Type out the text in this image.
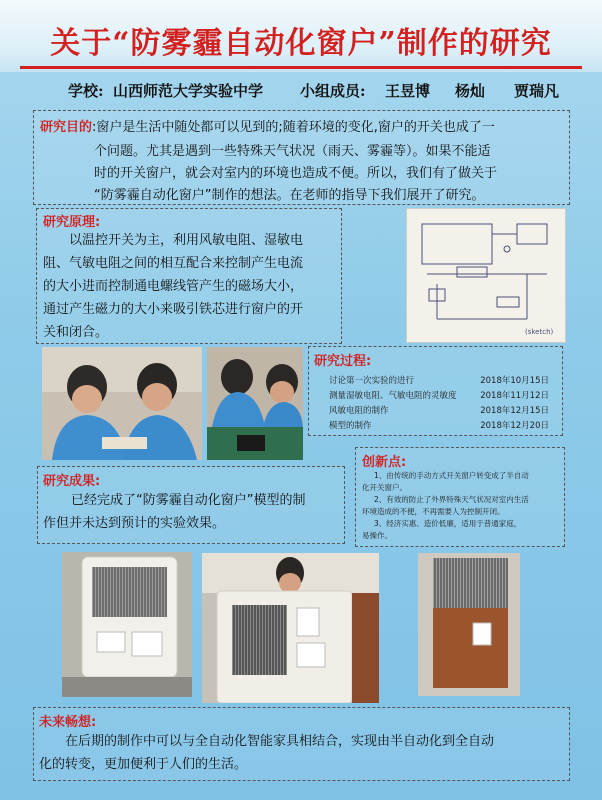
关于“防雾霾自动化窗户”制作的研究
学校: 山西师范大学实验中学 小组成员: 王昱博 杨灿 贾瑞凡
研究目的:窗户是生活中随处都可以见到的;随着环境的变化,窗户的开关也成了一
个问题。尤其是遇到一些特殊天气状况（雨天、雾霾等）。如果不能适
时的开关窗户，就会对室内的环境也造成不便。所以，我们有了做关于
“防雾霾自动化窗户”制作的想法。在老师的指导下我们展开了研究。
研究原理:
以温控开关为主，利用风敏电阻、湿敏电
阻、气敏电阻之间的相互配合来控制产生电流
的大小进而控制通电螺线管产生的磁场大小，
通过产生磁力的大小来吸引铁芯进行窗户的开
关和闭合。	(sketch)
研究过程:
讨论第一次实验的进行	2018年10月15日
测量湿敏电阻、气敏电阻的灵敏度	2018年11月12日
风敏电阻的制作	2018年12月15日
模型的制作	2018年12月20日
研究成果:
已经完成了“防雾霾自动化窗户”模型的制
作但并未达到预计的实验效果。
创新点:
1、由传统的手动方式开关窗户转变成了半自动
化开关窗户。
2、有效的防止了外界特殊天气状况对室内生活
环境造成的不便，不再需要人为控制开闭。
3、经济实惠、造价低廉，适用于普通家庭，
易操作。
未来畅想:
在后期的制作中可以与全自动化智能家具相结合，实现由半自动化到全自动
化的转变，更加便利于人们的生活。
